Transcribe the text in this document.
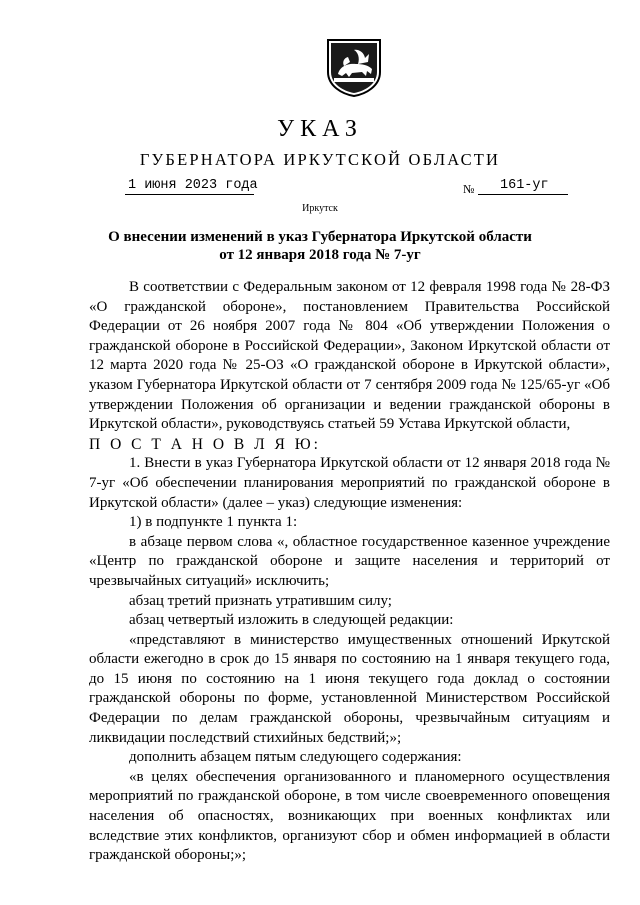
УКАЗ
ГУБЕРНАТОРА ИРКУТСКОЙ ОБЛАСТИ
1 июня 2023 года	№	161-уг
Иркутск
О внесении изменений в указ Губернатора Иркутской области
от 12 января 2018 года № 7-уг

В соответствии с Федеральным законом от 12 февраля 1998 года № 28-ФЗ «О гражданской обороне», постановлением Правительства Российской Федерации от 26 ноября 2007 года № 804 «Об утверждении Положения о гражданской обороне в Российской Федерации», Законом Иркутской области от 12 марта 2020 года № 25-ОЗ «О гражданской обороне в Иркутской области», указом Губернатора Иркутской области от 7 сентября 2009 года № 125/65-уг «Об утверждении Положения об организации и ведении гражданской обороны в Иркутской области», руководствуясь статьей 59 Устава Иркутской области,

П О С Т А Н О В Л Я Ю:

1. Внести в указ Губернатора Иркутской области от 12 января 2018 года № 7-уг «Об обеспечении планирования мероприятий по гражданской обороне в Иркутской области» (далее – указ) следующие изменения:

1) в подпункте 1 пункта 1:

в абзаце первом слова «, областное государственное казенное учреждение «Центр по гражданской обороне и защите населения и территорий от чрезвычайных ситуаций» исключить;

абзац третий признать утратившим силу;

абзац четвертый изложить в следующей редакции:

«представляют в министерство имущественных отношений Иркутской области ежегодно в срок до 15 января по состоянию на 1 января текущего года, до 15 июня по состоянию на 1 июня текущего года доклад о состоянии гражданской обороны по форме, установленной Министерством Российской Федерации по делам гражданской обороны, чрезвычайным ситуациям и ликвидации последствий стихийных бедствий;»;

дополнить абзацем пятым следующего содержания:

«в целях обеспечения организованного и планомерного осуществления мероприятий по гражданской обороне, в том числе своевременного оповещения населения об опасностях, возникающих при военных конфликтах или вследствие этих конфликтов, организуют сбор и обмен информацией в области гражданской обороны;»;
